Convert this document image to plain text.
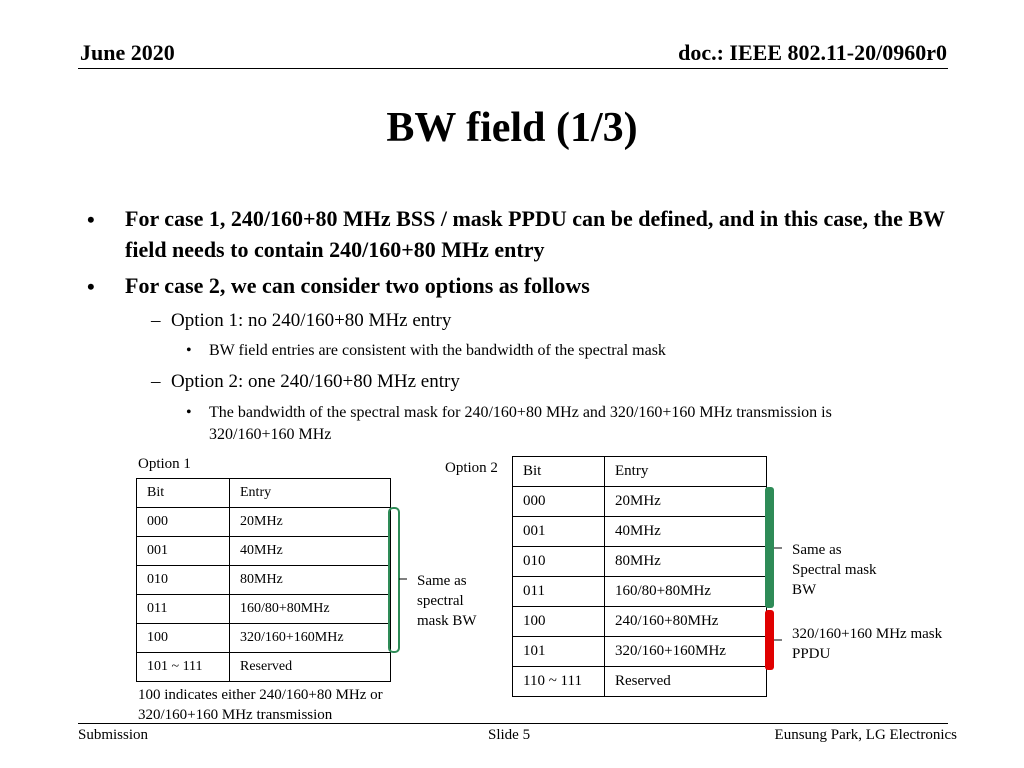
June 2020	doc.: IEEE 802.11-20/0960r0
BW field (1/3)
• For case 1, 240/160+80 MHz BSS / mask PPDU can be defined, and in this case, the BW field needs to contain 240/160+80 MHz entry
• For case 2, we can consider two options as follows
– Option 1: no 240/160+80 MHz entry
• BW field entries are consistent with the bandwidth of the spectral mask
– Option 2: one 240/160+80 MHz entry
• The bandwidth of the spectral mask for 240/160+80 MHz and 320/160+160 MHz transmission is 320/160+160 MHz
Option 1
Bit	Entry
000	20MHz
001	40MHz
010	80MHz
011	160/80+80MHz
100	320/160+160MHz
101 ~ 111	Reserved
Same as spectral mask BW
100 indicates either 240/160+80 MHz or 320/160+160 MHz transmission
Option 2 Bit	Entry
000	20MHz
001	40MHz
010	80MHz
011	160/80+80MHz
100	240/160+80MHz
101	320/160+160MHz
110 ~ 111	Reserved
Same as Spectral mask BW
320/160+160 MHz mask PPDU
Submission	Slide 5	Eunsung Park, LG Electronics
